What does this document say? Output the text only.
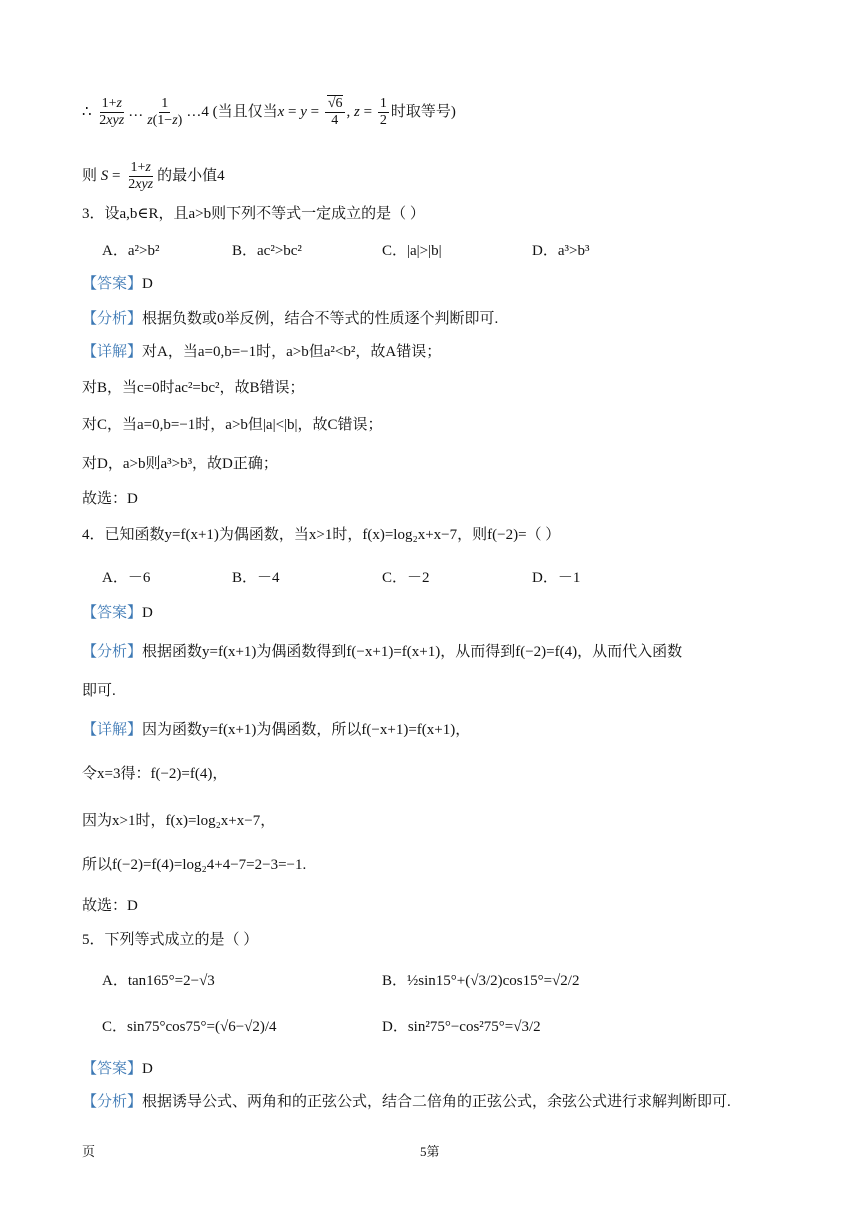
∴ $\frac{1+z}{\text{2xyz}}$ … $\frac{1}{z(1-z)}$ …4 (当且仅当$x = y = \frac{√6}{4}$ , $z = \frac{1}{2}$ 时取等号)
则 $S = \frac{1+z}{\text{2xyz}}$ 的最小值4
3．设a,b∈R，且a>b则下列不等式一定成立的是（ ）
A．a²>b²	B．ac²>bc²	C．|a|>|b|	D．a³>b³
【答案】D
【分析】根据负数或0举反例，结合不等式的性质逐个判断即可.
【详解】对A，当a=0,b=−1时，a>b但a²<b²，故A错误；
对B，当c=0时ac²=bc²，故B错误；
对C，当a=0,b=−1时，a>b但|a|<|b|，故C错误；
对D，a>b则a³>b³，故D正确；
故选：D
4．已知函数y=f(x+1)为偶函数，当x>1时，f(x)=log₂x+x−7，则f(−2)=（ ）
A．－6	B．－4	C．－2	D．－1
【答案】D
【分析】根据函数y=f(x+1)为偶函数得到f(−x+1)=f(x+1)，从而得到f(−2)=f(4)，从而代入函数
即可.
【详解】因为函数y=f(x+1)为偶函数，所以f(−x+1)=f(x+1)，
令x=3得：f(−2)=f(4)，
因为x>1时，f(x)=log₂x+x−7，
所以f(−2)=f(4)=log₂4+4−7=2−3=−1.
故选：D
5．下列等式成立的是（ ）
A．tan165°=2−√3	B．½sin15°+(√3/2)cos15°=√2/2
C．sin75°cos75°=(√6−√2)/4	D．sin²75°−cos²75°=√3/2
【答案】D
【分析】根据诱导公式、两角和的正弦公式，结合二倍角的正弦公式，余弦公式进行求解判断即可.
页	5第
